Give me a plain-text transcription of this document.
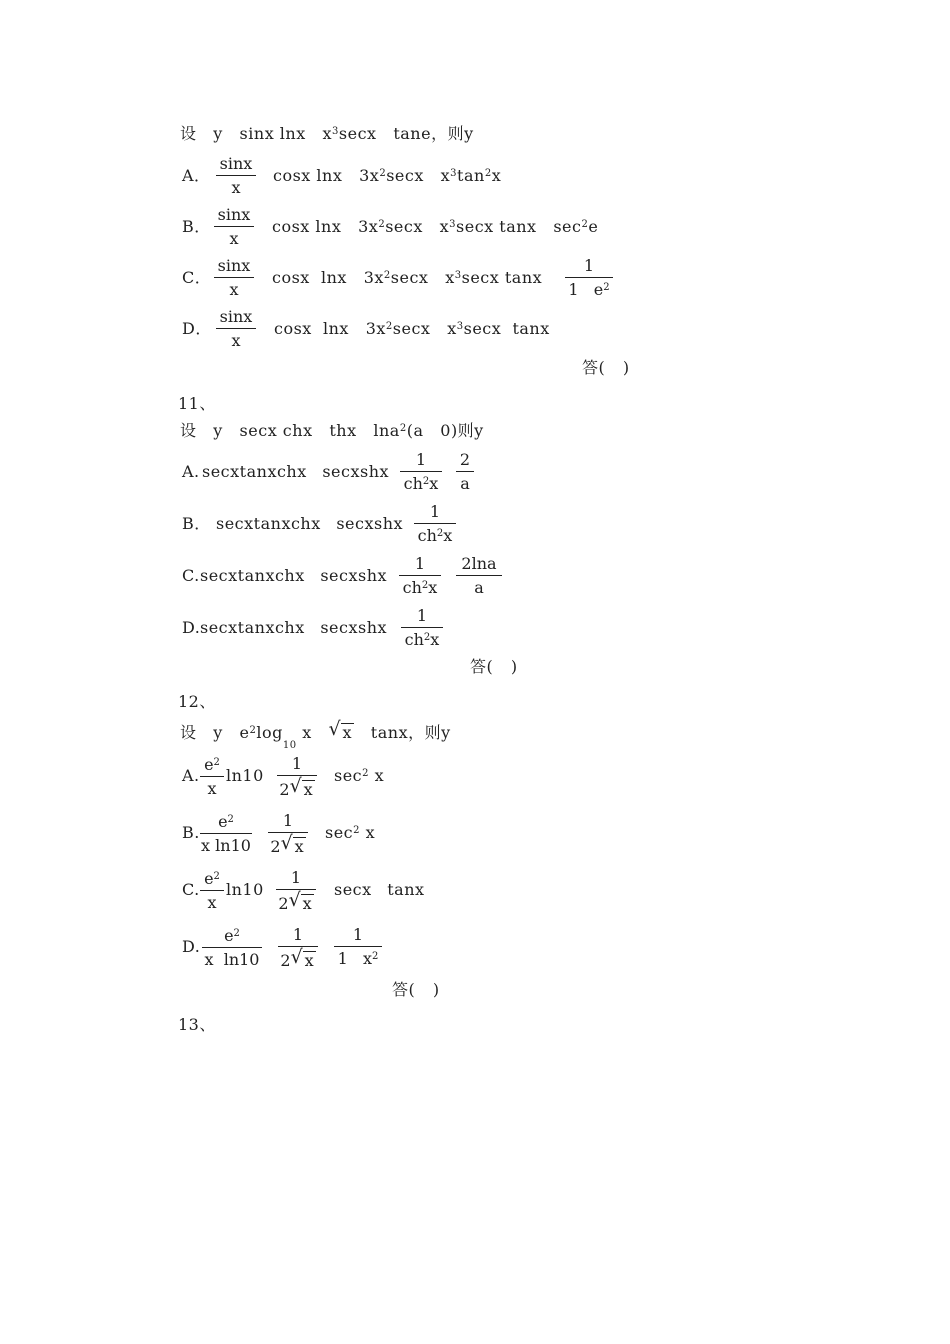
设   y   sinx lnx   $x^3\sec x$   tane，则y
A．
sinx
x
cosx lnx   $3x^2\sec x$   $x^3\tan^2x$
B．
sinx
x
cosx lnx   $3x^2\sec x$   $x^3\sec x$ tanx   $\sec^2e$
C．
sinx
x
cosx  lnx   $3x^2\sec x$   $x^3\sec x$ tanx
1
1   $e^2$
D．
sinx
x
cosx  lnx   $3x^2\sec x$   $x^3\sec x$  tanx
答( )
11、
设   y   secx chx   thx   lna$^2$(a   0)则y
A. secxtanxchx secxshx
1
$ch^2x$
2
a
B． secxtanxchx secxshx
1
$ch^2x$
C. secxtanxchx secxshx
1
$ch^2x$
2lna
a
D. secxtanxchx secxshx
1
$ch^2x$
答( )
12、
设   y   $e^2\log_{10}$ x √ x   tanx，则y
A.
$e^2$
x
ln10
1
2 √ x
$\sec^2 x$
B.
$e^2$
x ln10
1
2 √ x
$\sec^2 x$
C.
$e^2$
x
ln10
1
2 √ x
secx tanx
D.
$e^2$
x  ln10
1
2 √ x
1
1   $x^2$
答( )
13、
